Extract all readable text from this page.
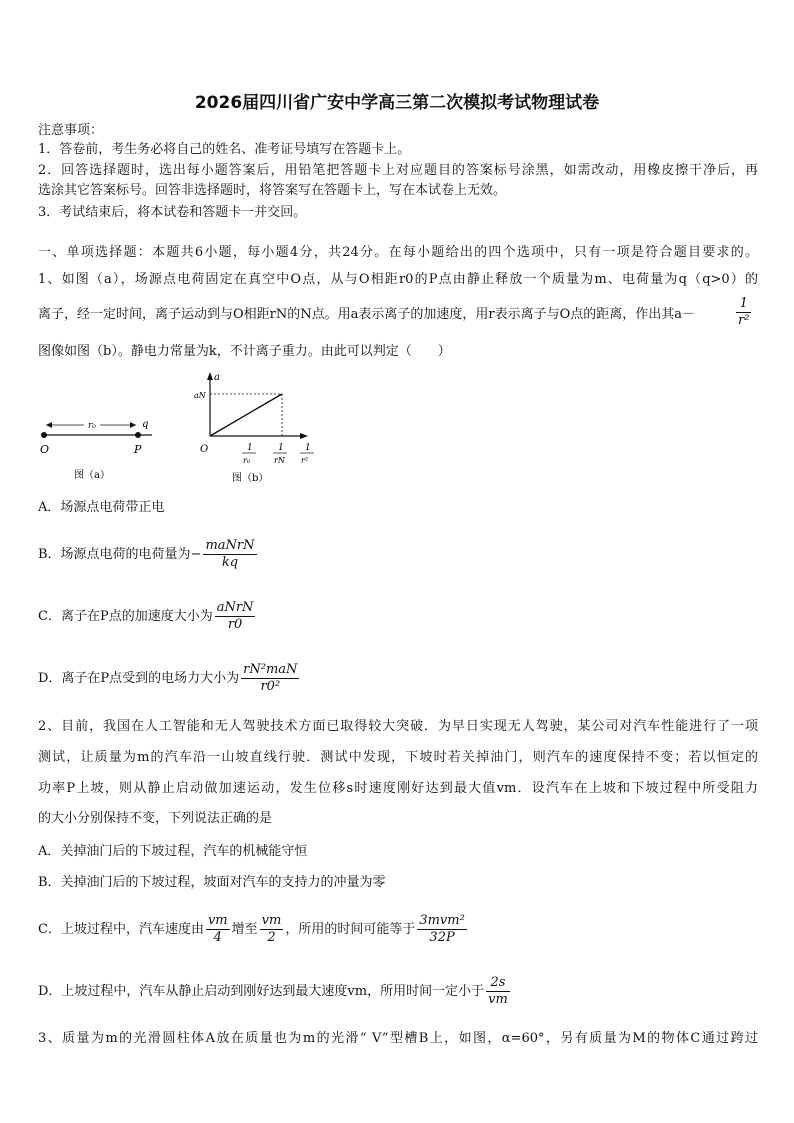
2026届四川省广安中学高三第二次模拟考试物理试卷
注意事项：
1．答卷前，考生务必将自己的姓名、准考证号填写在答题卡上。
2．回答选择题时，选出每小题答案后，用铅笔把答题卡上对应题目的答案标号涂黑，如需改动，用橡皮擦干净后，再
选涂其它答案标号。回答非选择题时，将答案写在答题卡上，写在本试卷上无效。
3．考试结束后，将本试卷和答题卡一并交回。
一、单项选择题：本题共6小题，每小题4分，共24分。在每小题给出的四个选项中，只有一项是符合题目要求的。
1、如图（a），场源点电荷固定在真空中O点，从与O相距r0的P点由静止释放一个质量为m、电荷量为q（q>0）的
离子，经一定时间，离子运动到与O相距rN的N点。用a表示离子的加速度，用r表示离子与O点的距离，作出其a－	$\frac{1}{\text{r²}}$
图像如图（b）。静电力常量为k，不计离子重力。由此可以判定（　　）
r₀	q
O	P
图（a）
a
aN
O	1
r₀
1
rN
1
r²
图（b）
A．场源点电荷带正电
B．场源点电荷的电荷量为− $\frac{\text{maNrN}}{kq}$
C．离子在P点的加速度大小为 $\frac{\text{aNrN}}{r0}$
D．离子在P点受到的电场力大小为 $\frac{\text{rN²maN}}{\text{r0²}}$
2、目前，我国在人工智能和无人驾驶技术方面已取得较大突破．为早日实现无人驾驶，某公司对汽车性能进行了一项
测试，让质量为m的汽车沿一山坡直线行驶．测试中发现，下坡时若关掉油门，则汽车的速度保持不变；若以恒定的
功率P上坡，则从静止启动做加速运动，发生位移s时速度刚好达到最大值vm．设汽车在上坡和下坡过程中所受阻力
的大小分别保持不变，下列说法正确的是
A．关掉油门后的下坡过程，汽车的机械能守恒
B．关掉油门后的下坡过程，坡面对汽车的支持力的冲量为零
C．上坡过程中，汽车速度由 $\frac{vm}{4}$ 增至 $\frac{vm}{2}$ ，所用的时间可能等于 $\frac{\text{3mvm²}}{32P}$
D．上坡过程中，汽车从静止启动到刚好达到最大速度vm，所用时间一定小于 $\frac{2s}{vm}$
3、质量为m的光滑圆柱体A放在质量也为m的光滑“ V”型槽B上，如图，α=60°，另有质量为M的物体C通过跨过
